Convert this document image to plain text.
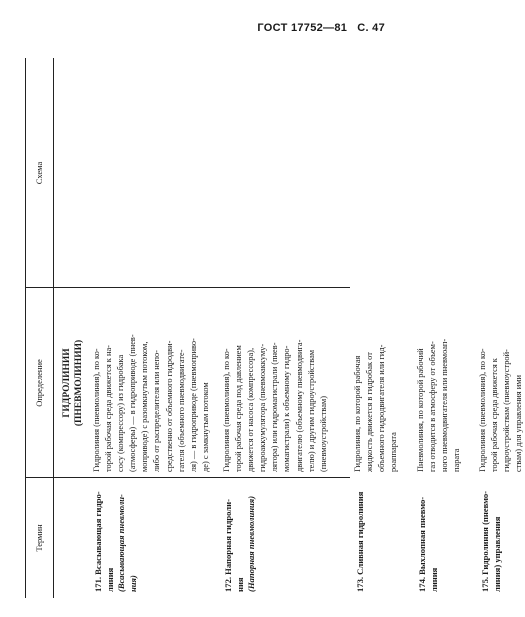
ГОСТ 17752—81 С. 47
Термин
Определение
Схема
ГИДРОЛИНИИ (ПНЕВМОЛИНИИ)
171. Всасывающая гидро- линия (Всасывающая пневмоли- ния)
Гидролиния (пневмолиния), по ко- торой рабочая среда движется к на- сосу (компрессору) из гидробака (атмосферы) — в гидроприводе (пнев- моприводе) с разомкнутым потоком, либо от распределителя или непо- средственно от объемного гидродви- гателя (объемного пневмодвигате- ля) — в гидроприводе (пневмоприво- де) с замкнутым потоком
172. Напорная гидроли- ния (Напорная пневмолиния)
Гидролиния (пневмолиния), по ко- торой рабочая среда под давлением движется от насоса (компрессора), гидроаккумулятора (пневмоаккуму- лятора) или гидромагистрали (пнев- момагистрали) к объемному гидро- двигателю (объемному пневмодвига- телю) и другим гидроустройствам (пневмоустройствам)
173. Сливная гидролиния
Гидролиния, по которой рабочая жидкость движется в гидробак от объемного гидродвигателя или гид- роаппарата
174. Выхлопная пневмо- линия
Пневмолиния, по которой рабочий газ отводится в атмосферу от объем- ного пневмодвигателя или пневмоап- парата
175. Гидролиния (пневмо- линия) управления
Гидролиния (пневмолиния), по ко- торой рабочая среда движется к гидроустройствам (пневмоустрой- ствам) для управления ими
